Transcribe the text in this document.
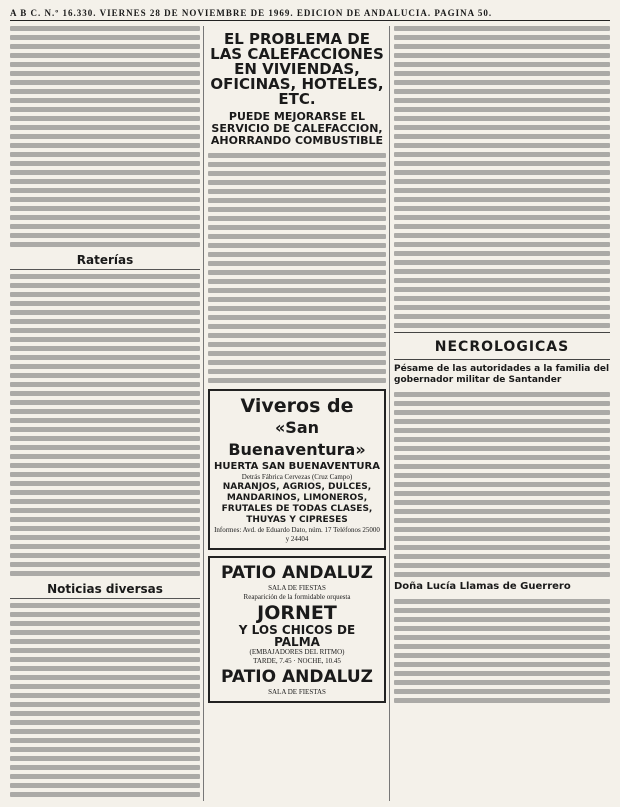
A B C. N.º 16.330. VIERNES 28 DE NOVIEMBRE DE 1969. EDICION DE ANDALUCIA. PAGINA 50.
Raterías
Noticias diversas
EL PROBLEMA DE LAS CALEFACCIONES EN VIVIENDAS, OFICINAS, HOTELES, ETC.
PUEDE MEJORARSE EL SERVICIO DE CALEFACCION, AHORRANDO COMBUSTIBLE
Viveros de
«San Buenaventura»
HUERTA SAN BUENAVENTURA
Detrás Fábrica Cervezas (Cruz Campo)
NARANJOS, AGRIOS, DULCES, MANDARINOS, LIMONEROS, FRUTALES DE TODAS CLASES, THUYAS Y CIPRESES
Informes: Avd. de Eduardo Dato, núm. 17 Teléfonos 25000 y 24404
PATIO ANDALUZ
SALA DE FIESTAS
Reaparición de la formidable orquesta
JORNET
Y LOS CHICOS DE PALMA
(EMBAJADORES DEL RITMO)
TARDE, 7.45 · NOCHE, 10.45
PATIO ANDALUZ
SALA DE FIESTAS
NECROLOGICAS
Pésame de las autoridades a la familia del gobernador militar de Santander
Doña Lucía Llamas de Guerrero
